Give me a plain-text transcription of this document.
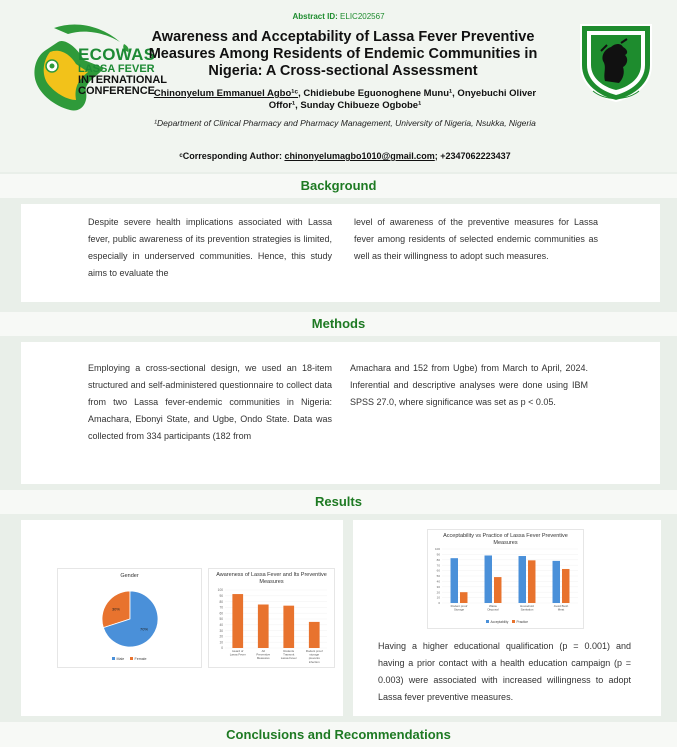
Abstract ID: ELIC202567
ECOWAS
LASSA FEVER
INTERNATIONAL
CONFERENCE
Awareness and Acceptability of Lassa Fever Preventive Measures Among Residents of Endemic Communities in Nigeria: A Cross-sectional Assessment
Chinonyelum Emmanuel Agbo¹ᶜ, Chidiebube Eguonoghene Munu¹, Onyebuchi Oliver Offor¹, Sunday Chibueze Ogbobe¹
¹Department of Clinical Pharmacy and Pharmacy Management, University of Nigeria, Nsukka, Nigeria
ᶜCorresponding Author: chinonyelumagbo1010@gmail.com; +2347062223437
Background
Despite severe health implications associated with Lassa fever, public awareness of its prevention strategies is limited, especially in underserved communities. Hence, this study aims to evaluate the
level of awareness of the preventive measures for Lassa fever among residents of selected endemic communities as well as their willingness to adopt such measures.
Methods
Employing a cross-sectional design, we used an 18-item structured and self-administered questionnaire to collect data from two Lassa fever-endemic communities in Nigeria: Amachara, Ebonyi State, and Ugbe, Ondo State. Data was collected from 334 participants (182 from
Amachara and 152 from Ugbe) from March to April, 2024. Inferential and descriptive analyses were done using IBM SPSS 27.0, where significance was set as p < 0.05.
Results
Gender
30%
70%
Male	Female
Awareness of Lassa Fever and Its Preventive Measures
0
10
20
30
40
50
60
70
80
90
100
Heard of
Lassa Fever
All
Preventive
Measures
Rodents
Transmit
Lassa Fever
Rodent proof
storage
prevents
infection
Acceptability vs Practice of Lassa Fever Preventive Measures
0
10
20
30
40
50
60
70
80
90
100
Rodent proof
Storage
Waste
Disposal
Household
Sanitation
Avoid Bush
Meat
Acceptability	Practice
Having a higher educational qualification (p = 0.001) and having a prior contact with a health education campaign (p = 0.003) were associated with increased willingness to adopt Lassa fever preventive measures.
Conclusions and Recommendations
